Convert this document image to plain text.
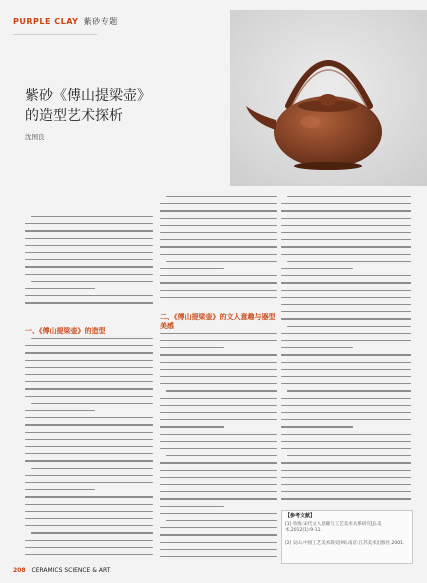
PURPLE CLAY 紫砂专题
紫砂《傅山提梁壶》
的造型艺术探析
沈国良
一、《傅山提梁壶》的造型
二、《傅山提梁壶》的文人意趣与器型美感
【参考文献】
[1] 单海.宋代文人意趣与工艺美术关系研究[J].美术,2012(1):9-11.
[2] 吴山.中国工艺美术简史[M].南京:江苏美术出版社,2001.
208 CERAMICS SCIENCE & ART
